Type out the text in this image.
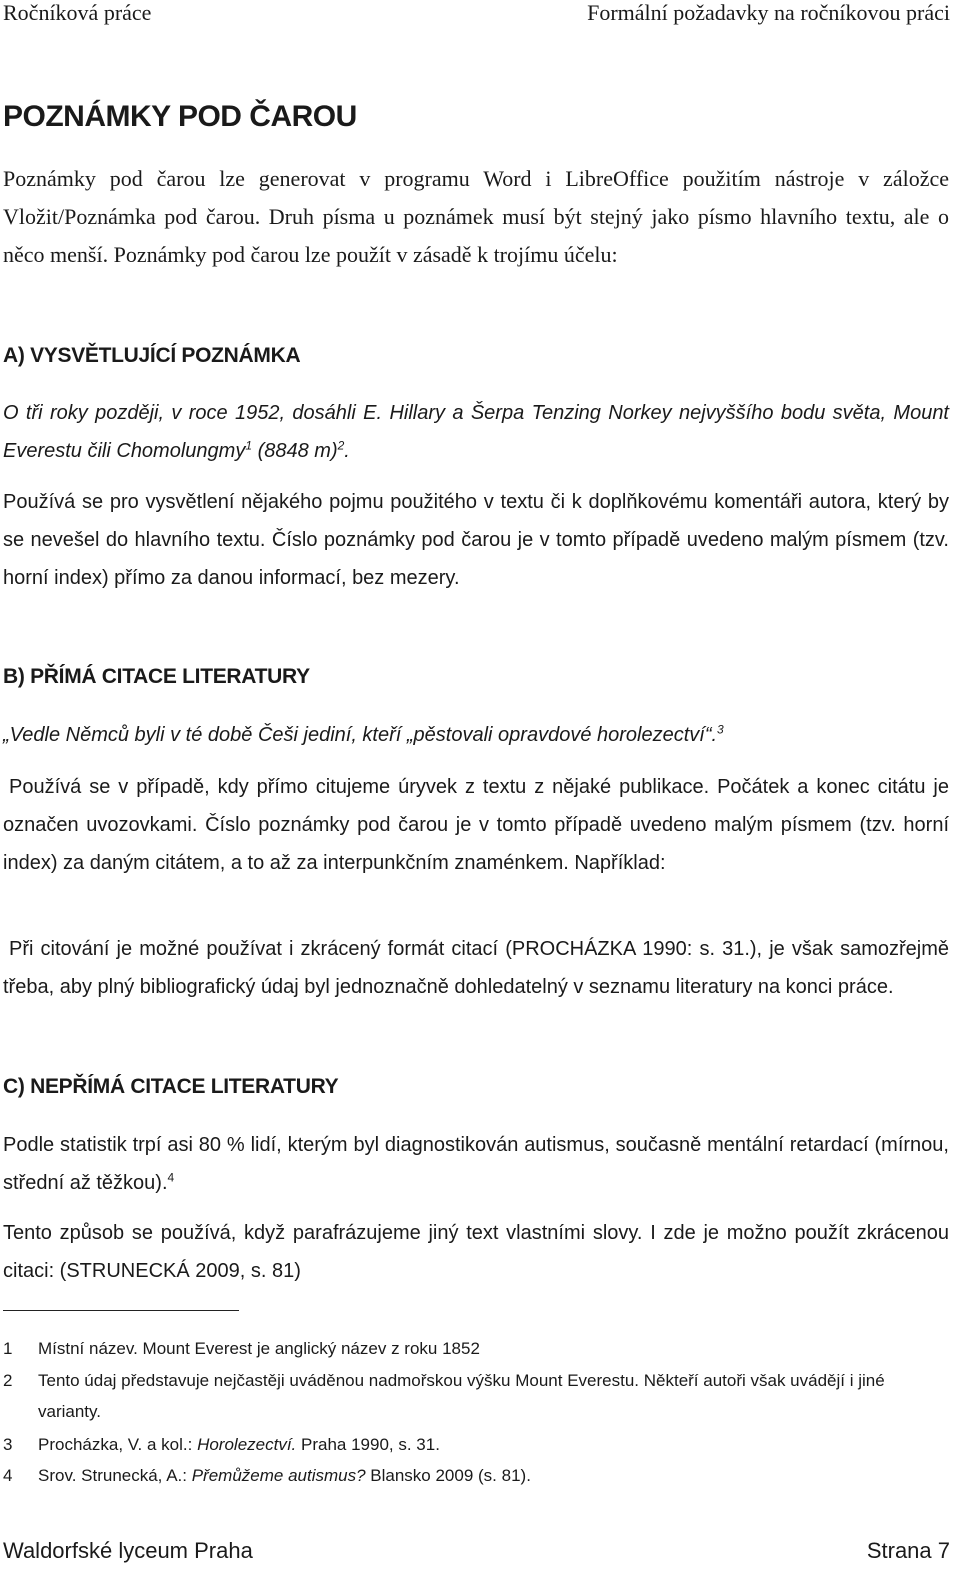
Ročníková práce	Formální požadavky na ročníkovou práci
POZNÁMKY POD ČAROU
Poznámky pod čarou lze generovat v programu Word i LibreOffice použitím nástroje v záložce Vložit/Poznámka pod čarou. Druh písma u poznámek musí být stejný jako písmo hlavního textu, ale o něco menší. Poznámky pod čarou lze použít v zásadě k trojímu účelu:
A) VYSVĚTLUJÍCÍ POZNÁMKA
O tři roky později, v roce 1952, dosáhli E. Hillary a Šerpa Tenzing Norkey nejvyššího bodu světa, Mount Everestu čili Chomolungmy$^1$ (8848 m)$^2$.
Používá se pro vysvětlení nějakého pojmu použitého v textu či k doplňkovému komentáři autora, který by se nevešel do hlavního textu. Číslo poznámky pod čarou je v tomto případě uvedeno malým písmem (tzv. horní index) přímo za danou informací, bez mezery.
B) PŘÍMÁ CITACE LITERATURY
„Vedle Němců byli v té době Češi jediní, kteří „pěstovali opravdové horolezectví“.$^3$
Používá se v případě, kdy přímo citujeme úryvek z textu z nějaké publikace. Počátek a konec citátu je označen uvozovkami. Číslo poznámky pod čarou je v tomto případě uvedeno malým písmem (tzv. horní index) za daným citátem, a to až za interpunkčním znaménkem. Například:
Při citování je možné používat i zkrácený formát citací (PROCHÁZKA 1990: s. 31.), je však samozřejmě třeba, aby plný bibliografický údaj byl jednoznačně dohledatelný v seznamu literatury na konci práce.
C) NEPŘÍMÁ CITACE LITERATURY
Podle statistik trpí asi 80 % lidí, kterým byl diagnostikován autismus, současně mentální retardací (mírnou, střední až těžkou).$^4$
Tento způsob se používá, když parafrázujeme jiný text vlastními slovy. I zde je možno použít zkrácenou citaci: (STRUNECKÁ 2009, s. 81)
1 Místní název. Mount Everest je anglický název z roku 1852
2 Tento údaj představuje nejčastěji uváděnou nadmořskou výšku Mount Everestu. Někteří autoři však uvádějí i jiné varianty.
3 Procházka, V. a kol.: Horolezectví. Praha 1990, s. 31.
4 Srov. Strunecká, A.: Přemůžeme autismus? Blansko 2009 (s. 81).
Waldorfské lyceum Praha	Strana 7
